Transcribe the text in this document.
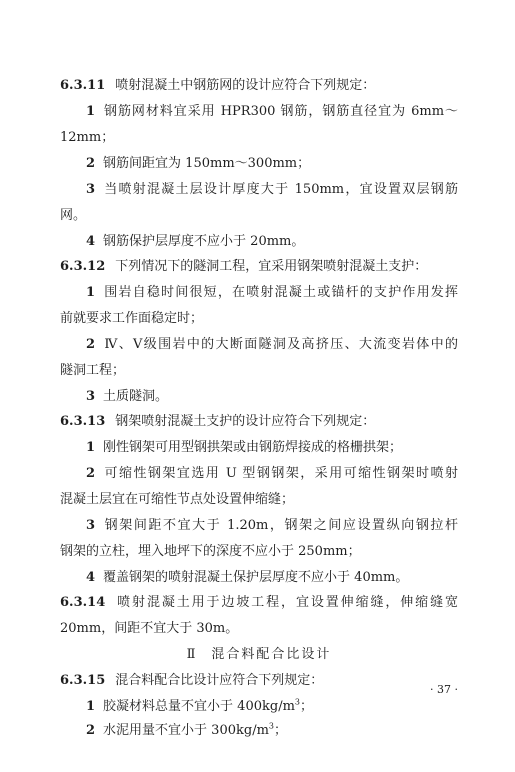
6.3.11 喷射混凝土中钢筋网的设计应符合下列规定：
1 钢筋网材料宜采用 HPR300 钢筋，钢筋直径宜为 6mm～
12mm；
2 钢筋间距宜为 150mm～300mm；
3 当喷射混凝土层设计厚度大于 150mm，宜设置双层钢筋
网。
4 钢筋保护层厚度不应小于 20mm。
6.3.12 下列情况下的隧洞工程，宜采用钢架喷射混凝土支护：
1 围岩自稳时间很短，在喷射混凝土或锚杆的支护作用发挥
前就要求工作面稳定时；
2 Ⅳ、Ⅴ级围岩中的大断面隧洞及高挤压、大流变岩体中的
隧洞工程；
3 土质隧洞。
6.3.13 钢架喷射混凝土支护的设计应符合下列规定：
1 刚性钢架可用型钢拱架或由钢筋焊接成的格栅拱架；
2 可缩性钢架宜选用 U 型钢钢架，采用可缩性钢架时喷射
混凝土层宜在可缩性节点处设置伸缩缝；
3 钢架间距不宜大于 1.20m，钢架之间应设置纵向钢拉杆
钢架的立柱，埋入地坪下的深度不应小于 250mm；
4 覆盖钢架的喷射混凝土保护层厚度不应小于 40mm。
6.3.14 喷射混凝土用于边坡工程，宜设置伸缩缝，伸缩缝宽
20mm，间距不宜大于 30m。
Ⅱ 混合料配合比设计
6.3.15 混合料配合比设计应符合下列规定：
1 胶凝材料总量不宜小于 $400kg/m^3$；
2 水泥用量不宜小于 $300kg/m^3$；
· 37 ·
